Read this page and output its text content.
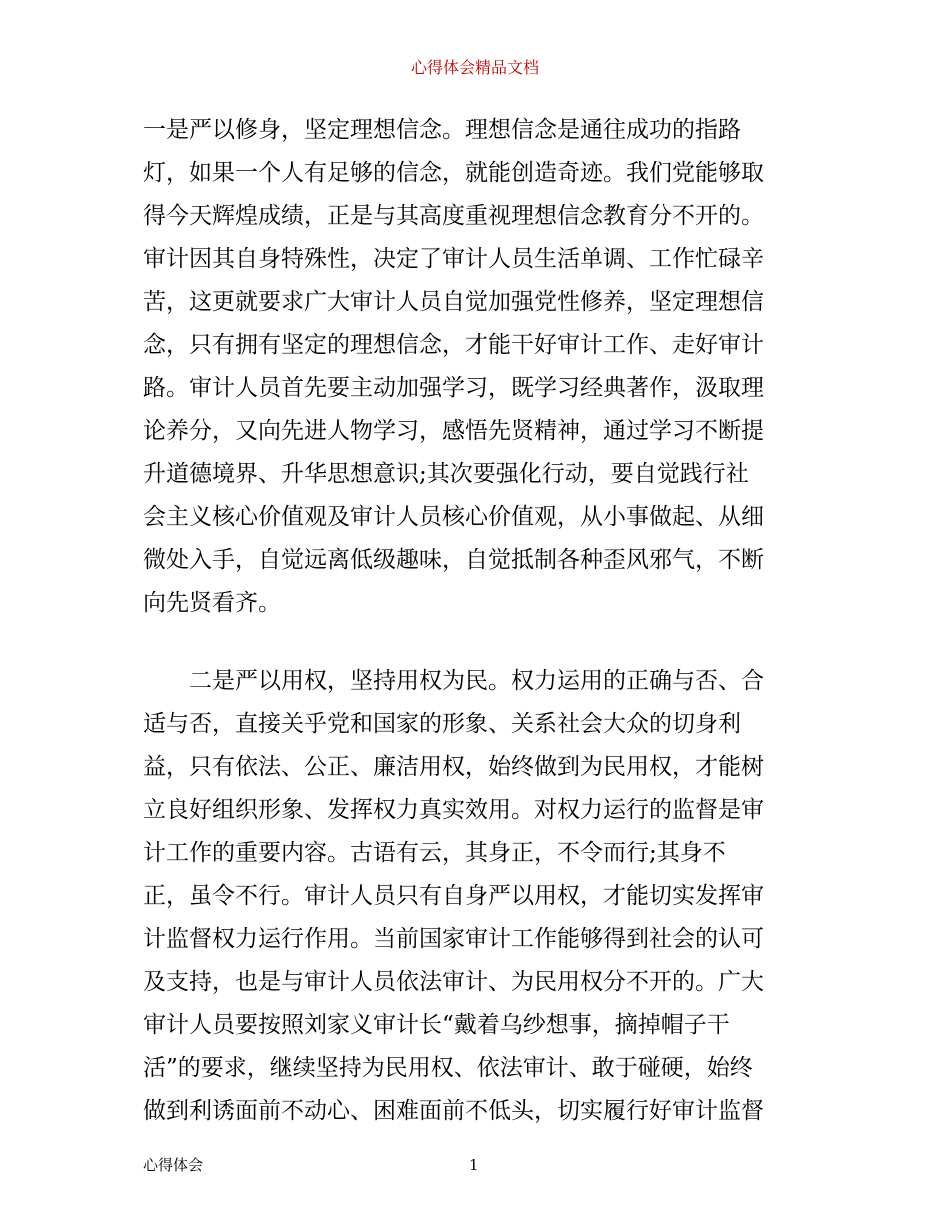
心得体会精品文档
一是严以修身，坚定理想信念。理想信念是通往成功的指路
灯，如果一个人有足够的信念，就能创造奇迹。我们党能够取
得今天辉煌成绩，正是与其高度重视理想信念教育分不开的。
审计因其自身特殊性，决定了审计人员生活单调、工作忙碌辛
苦，这更就要求广大审计人员自觉加强党性修养，坚定理想信
念，只有拥有坚定的理想信念，才能干好审计工作、走好审计
路。审计人员首先要主动加强学习，既学习经典著作，汲取理
论养分，又向先进人物学习，感悟先贤精神，通过学习不断提
升道德境界、升华思想意识;其次要强化行动，要自觉践行社
会主义核心价值观及审计人员核心价值观，从小事做起、从细
微处入手，自觉远离低级趣味，自觉抵制各种歪风邪气，不断
向先贤看齐。
　　二是严以用权，坚持用权为民。权力运用的正确与否、合
适与否，直接关乎党和国家的形象、关系社会大众的切身利
益，只有依法、公正、廉洁用权，始终做到为民用权，才能树
立良好组织形象、发挥权力真实效用。对权力运行的监督是审
计工作的重要内容。古语有云，其身正，不令而行;其身不
正，虽令不行。审计人员只有自身严以用权，才能切实发挥审
计监督权力运行作用。当前国家审计工作能够得到社会的认可
及支持，也是与审计人员依法审计、为民用权分不开的。广大
审计人员要按照刘家义审计长“戴着乌纱想事，摘掉帽子干
活”的要求，继续坚持为民用权、依法审计、敢于碰硬，始终
做到利诱面前不动心、困难面前不低头，切实履行好审计监督
心得体会	1
